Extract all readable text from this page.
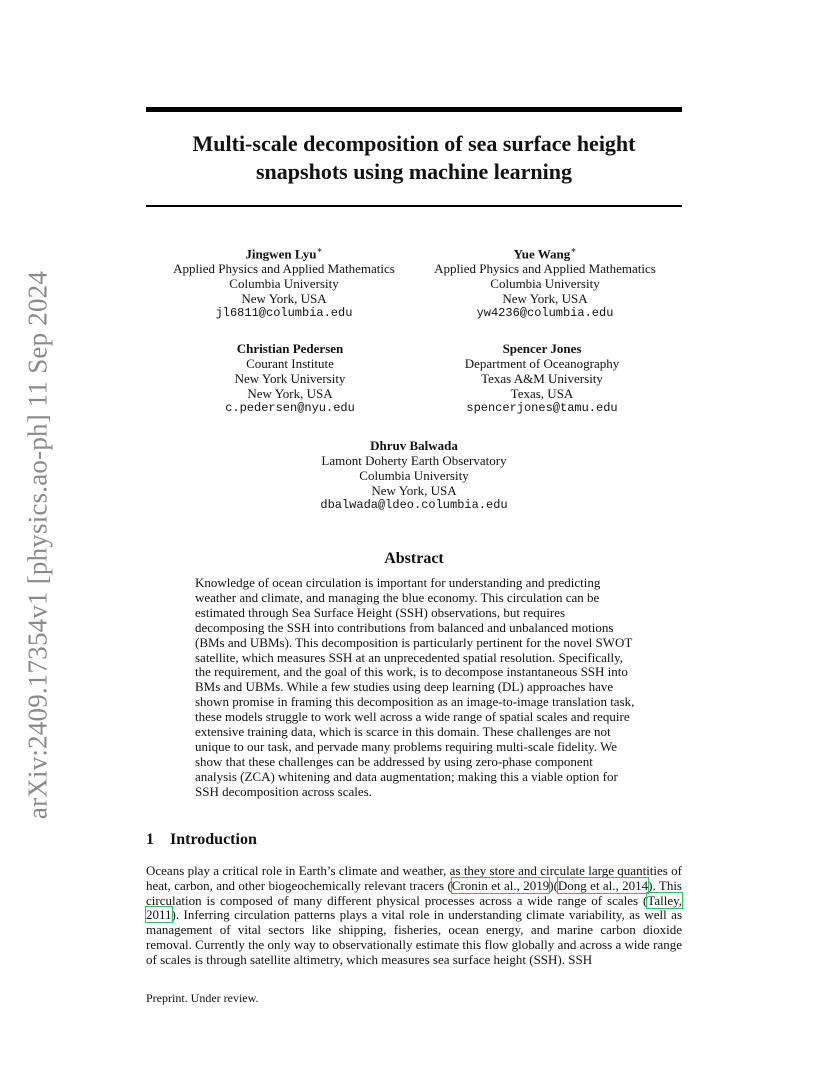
arXiv:2409.17354v1 [physics.ao-ph] 11 Sep 2024
Multi-scale decomposition of sea surface height snapshots using machine learning
Jingwen Lyu∗
Applied Physics and Applied Mathematics
Columbia University
New York, USA
jl6811@columbia.edu
Yue Wang∗
Applied Physics and Applied Mathematics
Columbia University
New York, USA
yw4236@columbia.edu
Christian Pedersen
Courant Institute
New York University
New York, USA
c.pedersen@nyu.edu
Spencer Jones
Department of Oceanography
Texas A&M University
Texas, USA
spencerjones@tamu.edu
Dhruv Balwada
Lamont Doherty Earth Observatory
Columbia University
New York, USA
dbalwada@ldeo.columbia.edu
Abstract

Knowledge of ocean circulation is important for understanding and predicting weather and climate, and managing the blue economy. This circulation can be estimated through Sea Surface Height (SSH) observations, but requires decomposing the SSH into contributions from balanced and unbalanced motions (BMs and UBMs). This decomposition is particularly pertinent for the novel SWOT satellite, which measures SSH at an unprecedented spatial resolution. Specifically, the requirement, and the goal of this work, is to decompose instantaneous SSH into BMs and UBMs. While a few studies using deep learning (DL) approaches have shown promise in framing this decomposition as an image-to-image translation task, these models struggle to work well across a wide range of spatial scales and require extensive training data, which is scarce in this domain. These challenges are not unique to our task, and pervade many problems requiring multi-scale fidelity. We show that these challenges can be addressed by using zero-phase component analysis (ZCA) whitening and data augmentation; making this a viable option for SSH decomposition across scales.

1 Introduction

Oceans play a critical role in Earth’s climate and weather, as they store and circulate large quantities of heat, carbon, and other biogeochemically relevant tracers (Cronin et al., 2019)(Dong et al., 2014). This circulation is composed of many different physical processes across a wide range of scales (Talley, 2011). Inferring circulation patterns plays a vital role in understanding climate variability, as well as management of vital sectors like shipping, fisheries, ocean energy, and marine carbon dioxide removal. Currently the only way to observationally estimate this flow globally and across a wide range of scales is through satellite altimetry, which measures sea surface height (SSH). SSH

Preprint. Under review.
